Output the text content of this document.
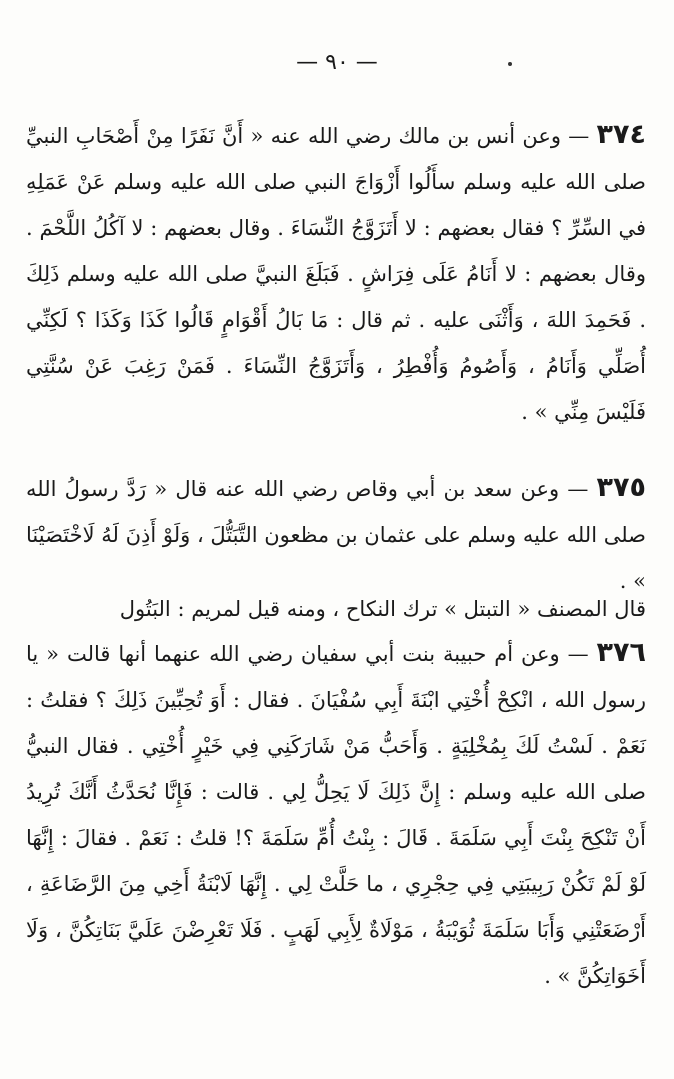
— ٩٠ —

٣٧٤ — وعن أنس بن مالك رضي الله عنه « أَنَّ نَفَرًا مِنْ أَصْحَابِ النبيِّ صلى الله عليه وسلم سأَلُوا أَزْوَاجَ النبي صلى الله عليه وسلم عَنْ عَمَلِهِ في السِّرِّ ؟ فقال بعضهم : لا أَتَزَوَّجُ النِّسَاءَ . وقال بعضهم : لا آكُلُ اللَّحْمَ . وقال بعضهم : لا أَنَامُ عَلَى فِرَاشٍ . فَبَلَغَ النبيَّ صلى الله عليه وسلم ذَلِكَ . فَحَمِدَ اللهَ ، وَأَثْنَى عليه . ثم قال : مَا بَالُ أَقْوَامٍ قَالُوا كَذَا وَكَذَا ؟ لَكِنِّي أُصَلِّي وَأَنَامُ ، وَأَصُومُ وَأُفْطِرُ ، وَأَتَزَوَّجُ النِّسَاءَ . فَمَنْ رَغِبَ عَنْ سُنَّتِي فَلَيْسَ مِنِّي » .

٣٧٥ — وعن سعد بن أبي وقاص رضي الله عنه قال « رَدَّ رسولُ الله صلى الله عليه وسلم على عثمان بن مظعون التَّبَتُّلَ ، وَلَوْ أَذِنَ لَهُ لَاخْتَصَيْنَا » .

قال المصنف « التبتل » ترك النكاح ، ومنه قيل لمريم : البَتُول

٣٧٦ — وعن أم حبيبة بنت أبي سفيان رضي الله عنهما أنها قالت « يا رسول الله ، انْكِحْ أُخْتِي ابْنَةَ أَبِي سُفْيَانَ . فقال : أَوَ تُحِبِّينَ ذَلِكَ ؟ فقلتُ : نَعَمْ . لَسْتُ لَكَ بِمُخْلِيَةٍ . وَأَحَبُّ مَنْ شَارَكَنِي فِي خَيْرٍ أُخْتِي . فقال النبيُّ صلى الله عليه وسلم : إِنَّ ذَلِكَ لَا يَحِلُّ لِي . قالت : فَإِنَّا نُحَدَّثُ أَنَّكَ تُرِيدُ أَنْ تَنْكِحَ بِنْتَ أَبِي سَلَمَةَ . قَالَ : بِنْتُ أُمِّ سَلَمَةَ ؟! قلتُ : نَعَمْ . فقالَ : إِنَّهَا لَوْ لَمْ تَكُنْ رَبِيبَتِي فِي حِجْرِي ، ما حَلَّتْ لِي . إِنَّهَا لَابْنَةُ أَخِي مِنَ الرَّضَاعَةِ ، أَرْضَعَتْنِي وَأَبَا سَلَمَةَ ثُوَيْبَةُ ، مَوْلَاةٌ لِأَبِي لَهَبٍ . فَلَا تَعْرِضْنَ عَلَيَّ بَنَاتِكُنَّ ، وَلَا أَخَوَاتِكُنَّ » .
